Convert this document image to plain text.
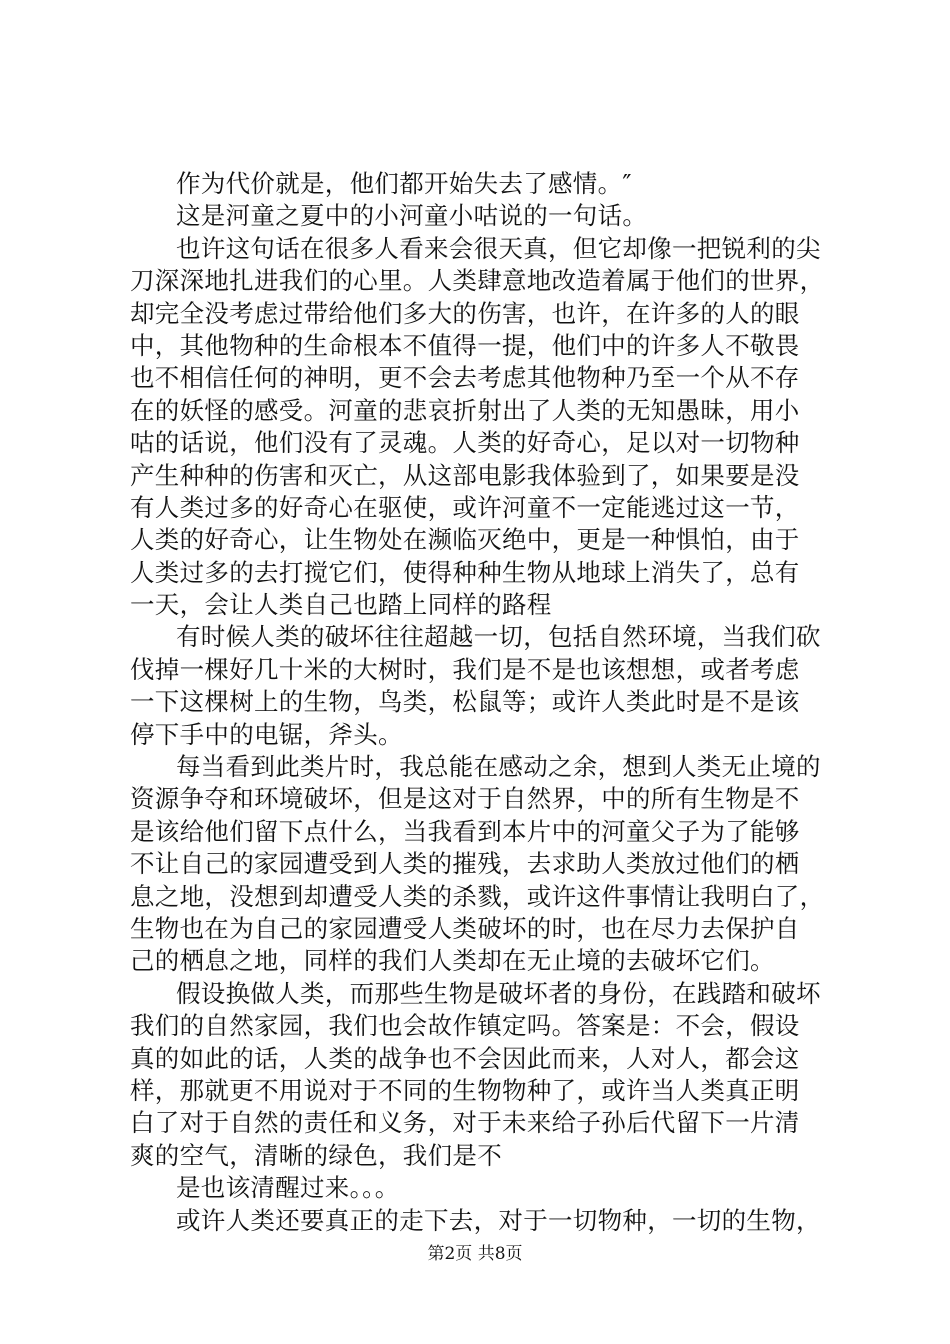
作为代价就是，他们都开始失去了感情。″
这是河童之夏中的小河童小咕说的一句话。
也许这句话在很多人看来会很天真，但它却像一把锐利的尖
刀深深地扎进我们的心里。人类肆意地改造着属于他们的世界，
却完全没考虑过带给他们多大的伤害，也许，在许多的人的眼
中，其他物种的生命根本不值得一提，他们中的许多人不敬畏
也不相信任何的神明，更不会去考虑其他物种乃至一个从不存
在的妖怪的感受。河童的悲哀折射出了人类的无知愚昧，用小
咕的话说，他们没有了灵魂。人类的好奇心，足以对一切物种
产生种种的伤害和灭亡，从这部电影我体验到了，如果要是没
有人类过多的好奇心在驱使，或许河童不一定能逃过这一节，
人类的好奇心，让生物处在濒临灭绝中，更是一种惧怕，由于
人类过多的去打搅它们，使得种种生物从地球上消失了，总有
一天，会让人类自己也踏上同样的路程
有时候人类的破坏往往超越一切，包括自然环境，当我们砍
伐掉一棵好几十米的大树时，我们是不是也该想想，或者考虑
一下这棵树上的生物，鸟类，松鼠等；或许人类此时是不是该
停下手中的电锯，斧头。
每当看到此类片时，我总能在感动之余，想到人类无止境的
资源争夺和环境破坏，但是这对于自然界，中的所有生物是不
是该给他们留下点什么，当我看到本片中的河童父子为了能够
不让自己的家园遭受到人类的摧残，去求助人类放过他们的栖
息之地，没想到却遭受人类的杀戮，或许这件事情让我明白了，
生物也在为自己的家园遭受人类破坏的时，也在尽力去保护自
己的栖息之地，同样的我们人类却在无止境的去破坏它们。
假设换做人类，而那些生物是破坏者的身份，在践踏和破坏
我们的自然家园，我们也会故作镇定吗。答案是：不会，假设
真的如此的话，人类的战争也不会因此而来，人对人，都会这
样，那就更不用说对于不同的生物物种了，或许当人类真正明
白了对于自然的责任和义务，对于未来给子孙后代留下一片清
爽的空气，清晰的绿色，我们是不
是也该清醒过来。。。
或许人类还要真正的走下去，对于一切物种，一切的生物，
第2页 共8页
